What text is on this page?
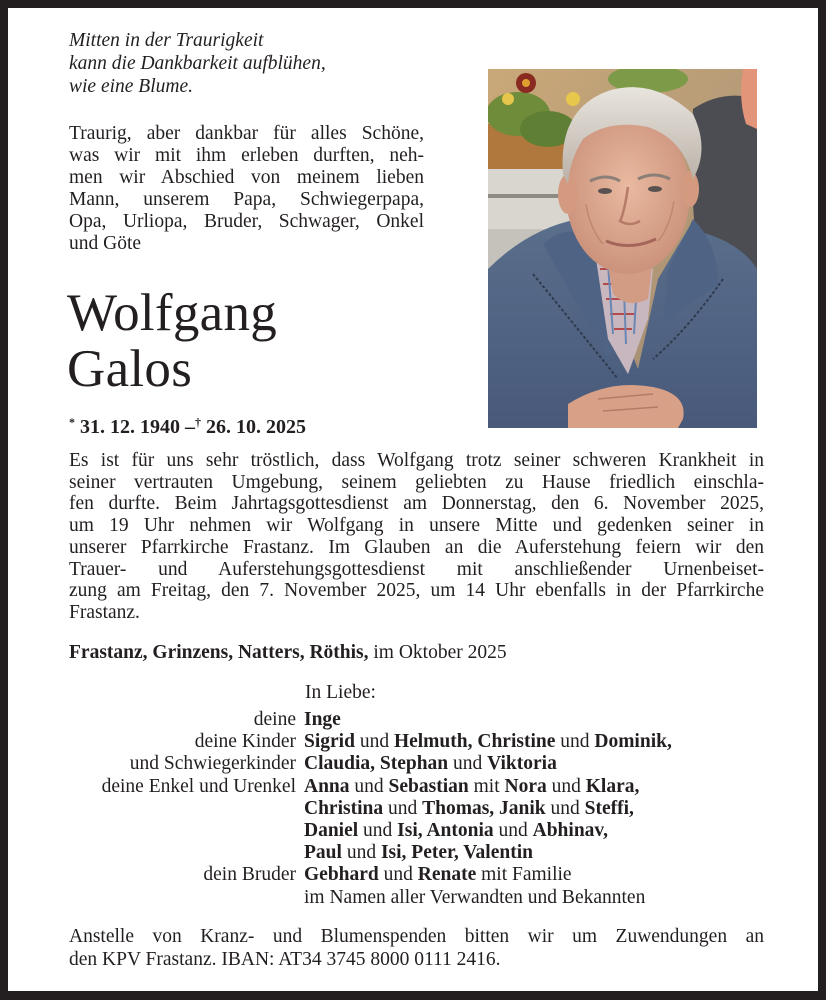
Mitten in der Traurigkeit
kann die Dankbarkeit aufblühen,
wie eine Blume.
Traurig, aber dankbar für alles Schöne,
was wir mit ihm erleben durften, neh-
men wir Abschied von meinem lieben
Mann, unserem Papa, Schwiegerpapa,
Opa, Urliopa, Bruder, Schwager, Onkel
und Göte
Wolfgang
Galos
* 31. 12. 1940 –† 26. 10. 2025
Es ist für uns sehr tröstlich, dass Wolfgang trotz seiner schweren Krankheit in
seiner vertrauten Umgebung, seinem geliebten zu Hause friedlich einschla-
fen durfte. Beim Jahrtagsgottesdienst am Donnerstag, den 6. November 2025,
um 19 Uhr nehmen wir Wolfgang in unsere Mitte und gedenken seiner in
unserer Pfarrkirche Frastanz. Im Glauben an die Auferstehung feiern wir den
Trauer- und Auferstehungsgottesdienst mit anschließender Urnenbeiset-
zung am Freitag, den 7. November 2025, um 14 Uhr ebenfalls in der Pfarrkirche
Frastanz.
Frastanz, Grinzens, Natters, Röthis, im Oktober 2025
In Liebe:
deine Inge
deine Kinder Sigrid und Helmuth, Christine und Dominik,
und Schwiegerkinder Claudia, Stephan und Viktoria
deine Enkel und Urenkel Anna und Sebastian mit Nora und Klara,
Christina und Thomas, Janik und Steffi,
Daniel und Isi, Antonia und Abhinav,
Paul und Isi, Peter, Valentin
dein Bruder Gebhard und Renate mit Familie
im Namen aller Verwandten und Bekannten
Anstelle von Kranz- und Blumenspenden bitten wir um Zuwendungen an
den KPV Frastanz. IBAN: AT34 3745 8000 0111 2416.
